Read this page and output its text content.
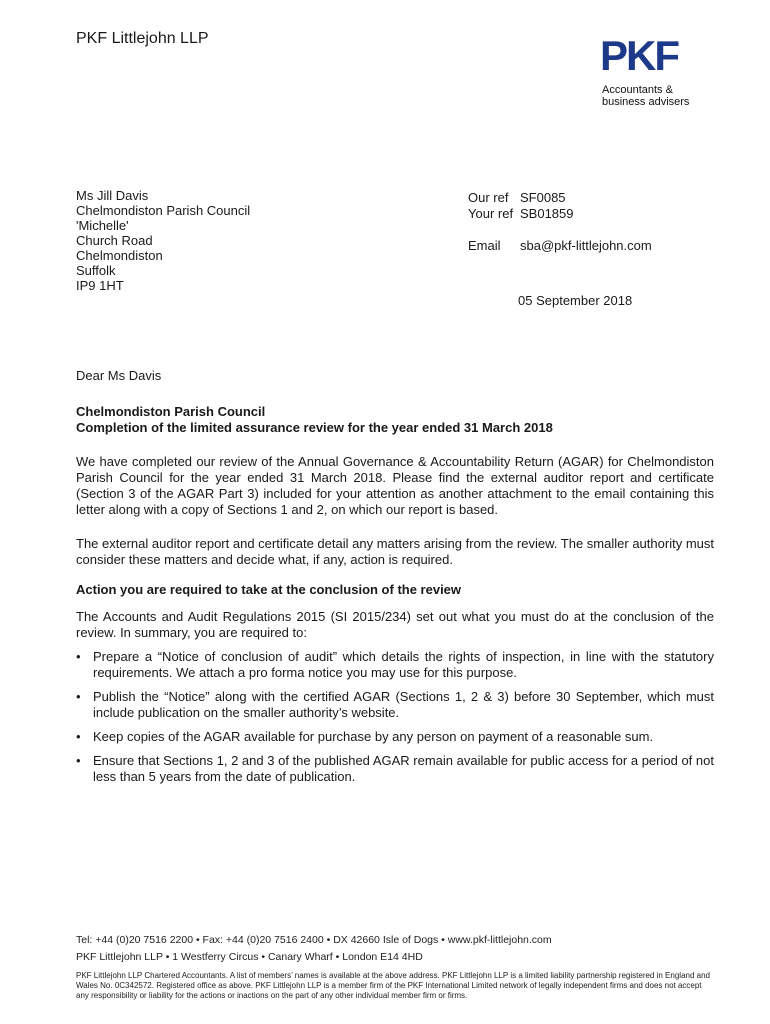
PKF Littlejohn LLP	PKF
Accountants &
business advisers
Ms Jill Davis
Chelmondiston Parish Council
'Michelle'
Church Road
Chelmondiston
Suffolk
IP9 1HT
Our ref SF0085
Your ref SB01859
Email	sba@pkf-littlejohn.com
05 September 2018

Dear Ms Davis

Chelmondiston Parish Council

Completion of the limited assurance review for the year ended 31 March 2018

We have completed our review of the Annual Governance & Accountability Return (AGAR) for Chelmondiston Parish Council for the year ended 31 March 2018. Please find the external auditor report and certificate (Section 3 of the AGAR Part 3) included for your attention as another attachment to the email containing this letter along with a copy of Sections 1 and 2, on which our report is based.

The external auditor report and certificate detail any matters arising from the review. The smaller authority must consider these matters and decide what, if any, action is required.

Action you are required to take at the conclusion of the review

The Accounts and Audit Regulations 2015 (SI 2015/234) set out what you must do at the conclusion of the review. In summary, you are required to:

• Prepare a “Notice of conclusion of audit” which details the rights of inspection, in line with the statutory requirements. We attach a pro forma notice you may use for this purpose.
• Publish the “Notice” along with the certified AGAR (Sections 1, 2 & 3) before 30 September, which must include publication on the smaller authority’s website.
• Keep copies of the AGAR available for purchase by any person on payment of a reasonable sum.
• Ensure that Sections 1, 2 and 3 of the published AGAR remain available for public access for a period of not less than 5 years from the date of publication.
Tel: +44 (0)20 7516 2200 • Fax: +44 (0)20 7516 2400 • DX 42660 Isle of Dogs • www.pkf-littlejohn.com
PKF Littlejohn LLP • 1 Westferry Circus • Canary Wharf • London E14 4HD
PKF Littlejohn LLP Chartered Accountants. A list of members’ names is available at the above address. PKF Littlejohn LLP is a limited liability partnership registered in England and Wales No. 0C342572. Registered office as above. PKF Littlejohn LLP is a member firm of the PKF International Limited network of legally independent firms and does not accept any responsibility or liability for the actions or inactions on the part of any other individual member firm or firms.
